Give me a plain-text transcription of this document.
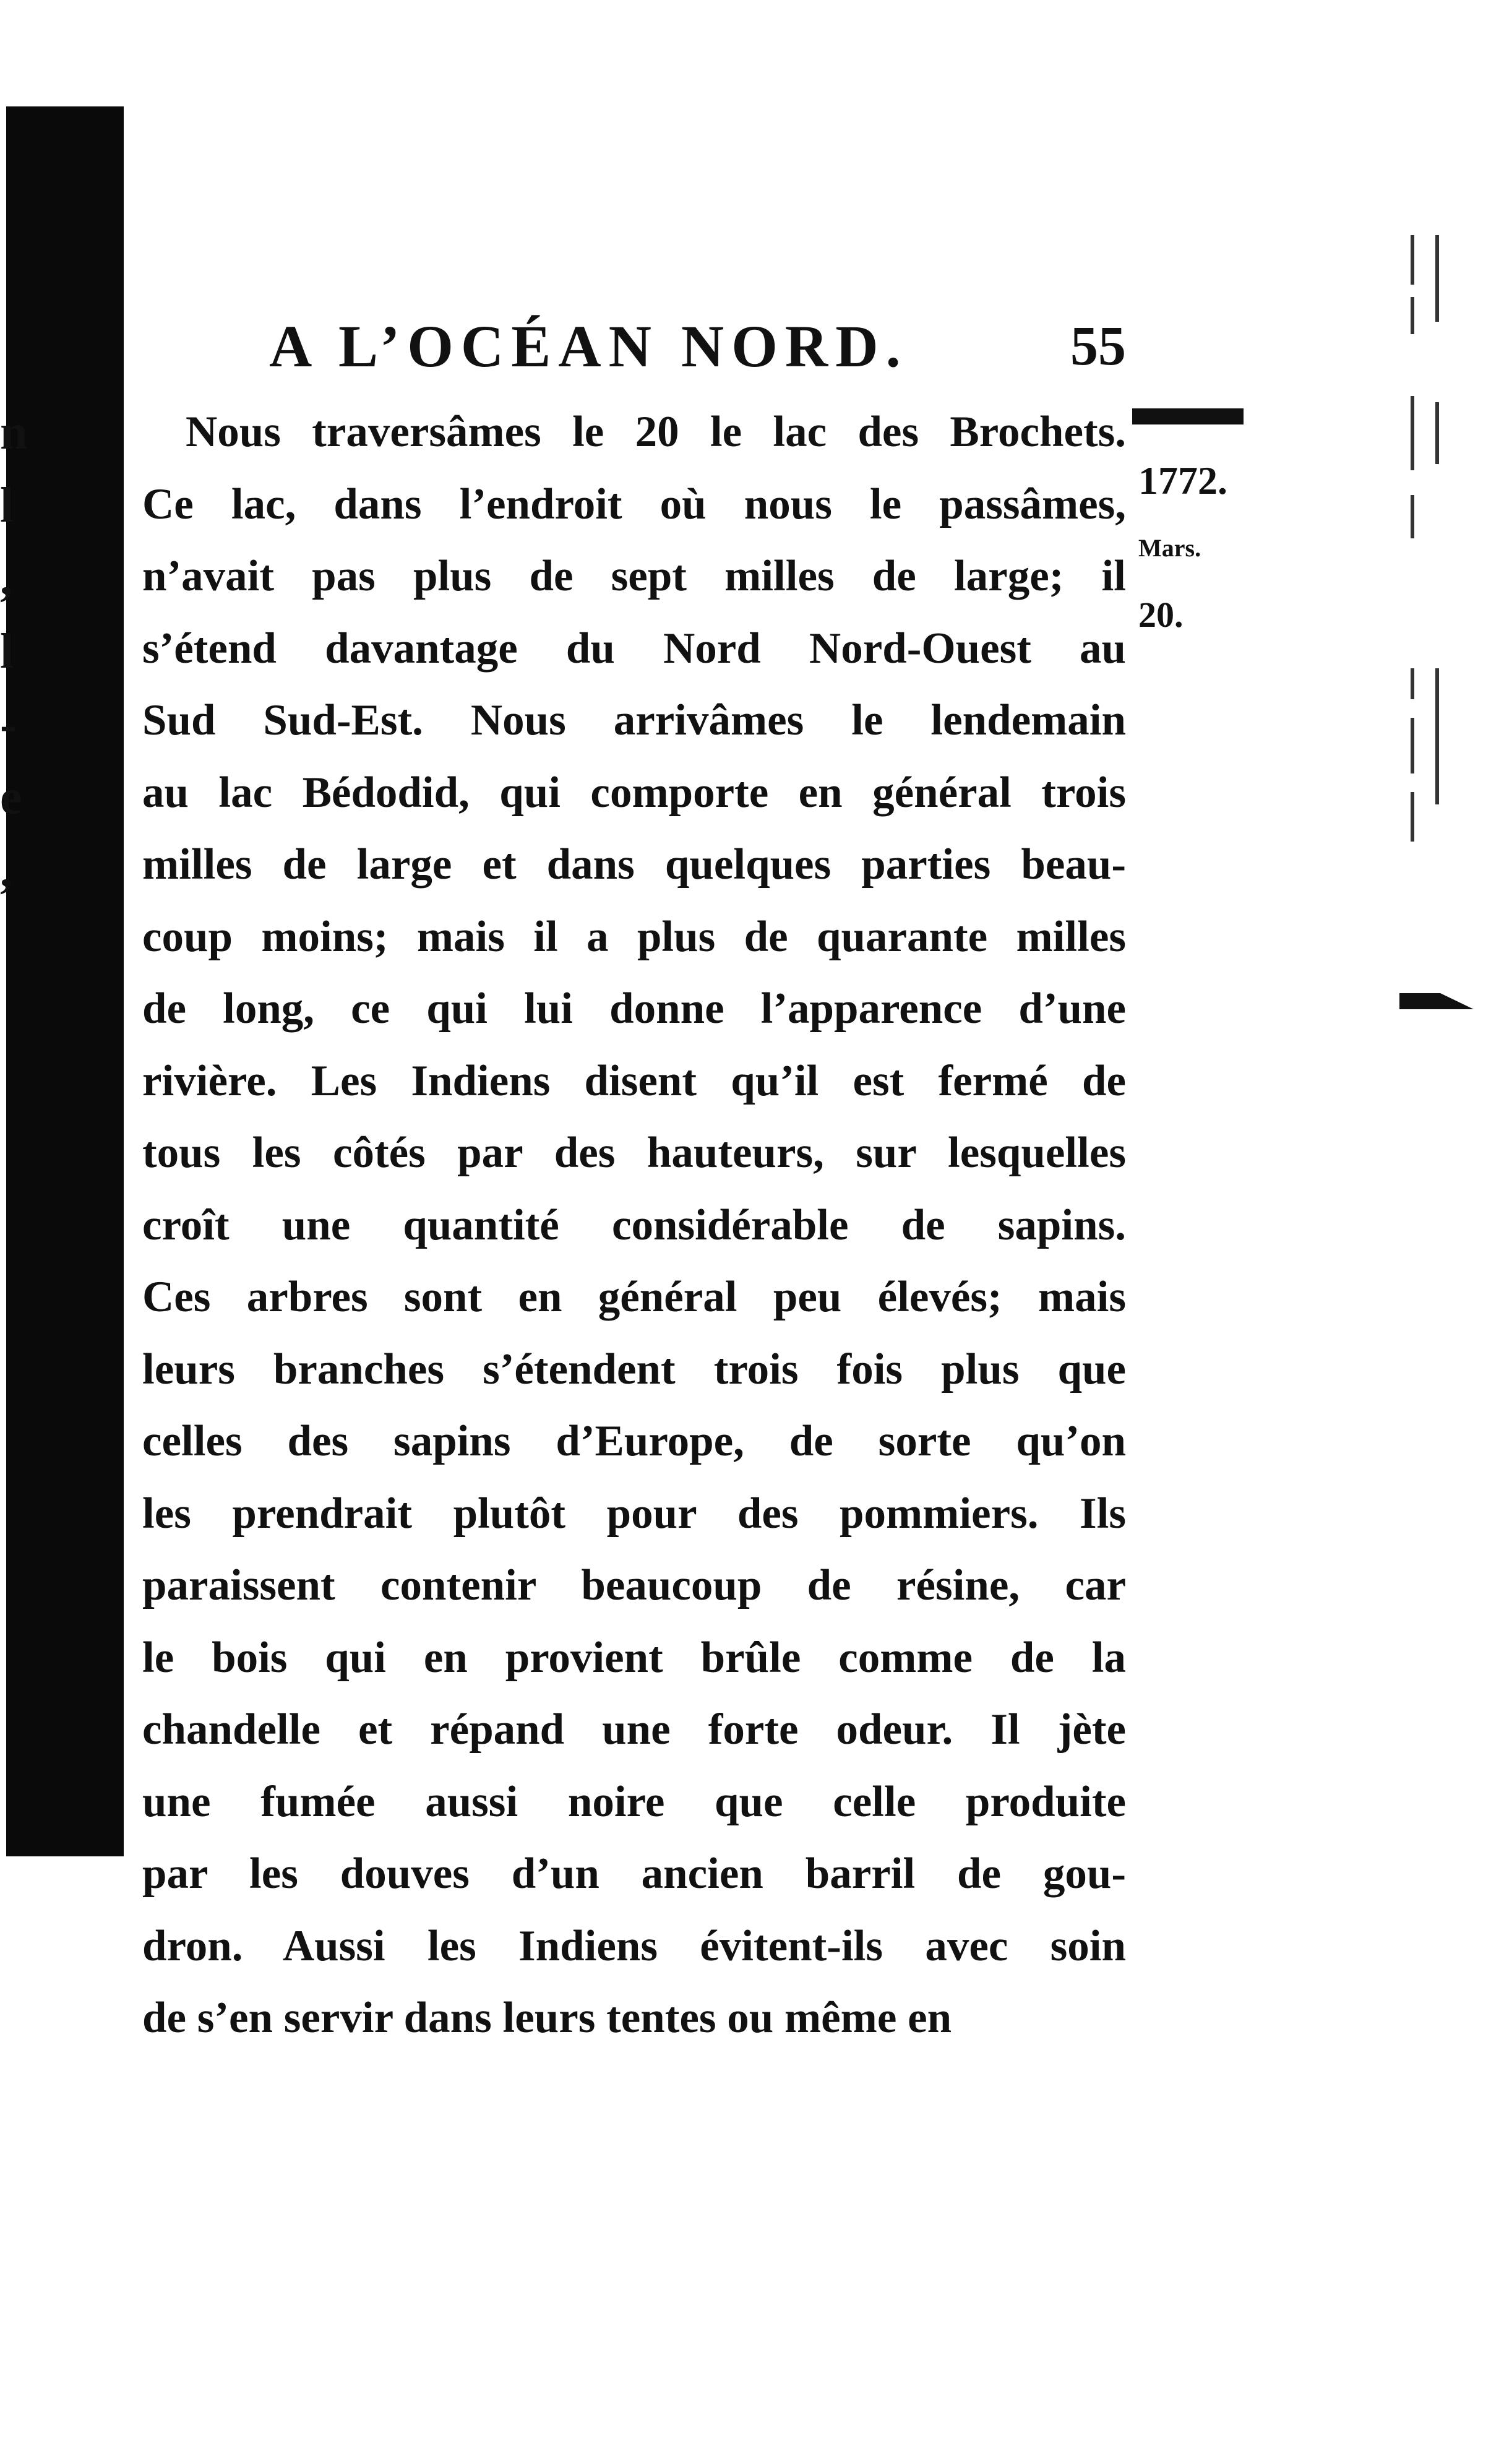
n
l
,
l
-
e
,
A L’OCÉAN NORD.	55
1772.
Mars.
20.
Nous traversâmes le 20 le lac des Brochets.
Ce lac, dans l’endroit où nous le passâmes,
n’avait pas plus de sept milles de large; il
s’étend davantage du Nord Nord-Ouest au
Sud Sud-Est. Nous arrivâmes le lendemain
au lac Bédodid, qui comporte en général trois
milles de large et dans quelques parties beau-
coup moins; mais il a plus de quarante milles
de long, ce qui lui donne l’apparence d’une
rivière. Les Indiens disent qu’il est fermé de
tous les côtés par des hauteurs, sur lesquelles
croît une quantité considérable de sapins.
Ces arbres sont en général peu élevés; mais
leurs branches s’étendent trois fois plus que
celles des sapins d’Europe, de sorte qu’on
les prendrait plutôt pour des pommiers. Ils
paraissent contenir beaucoup de résine, car
le bois qui en provient brûle comme de la
chandelle et répand une forte odeur. Il jète
une fumée aussi noire que celle produite
par les douves d’un ancien barril de gou-
dron. Aussi les Indiens évitent-ils avec soin
de s’en servir dans leurs tentes ou même en
